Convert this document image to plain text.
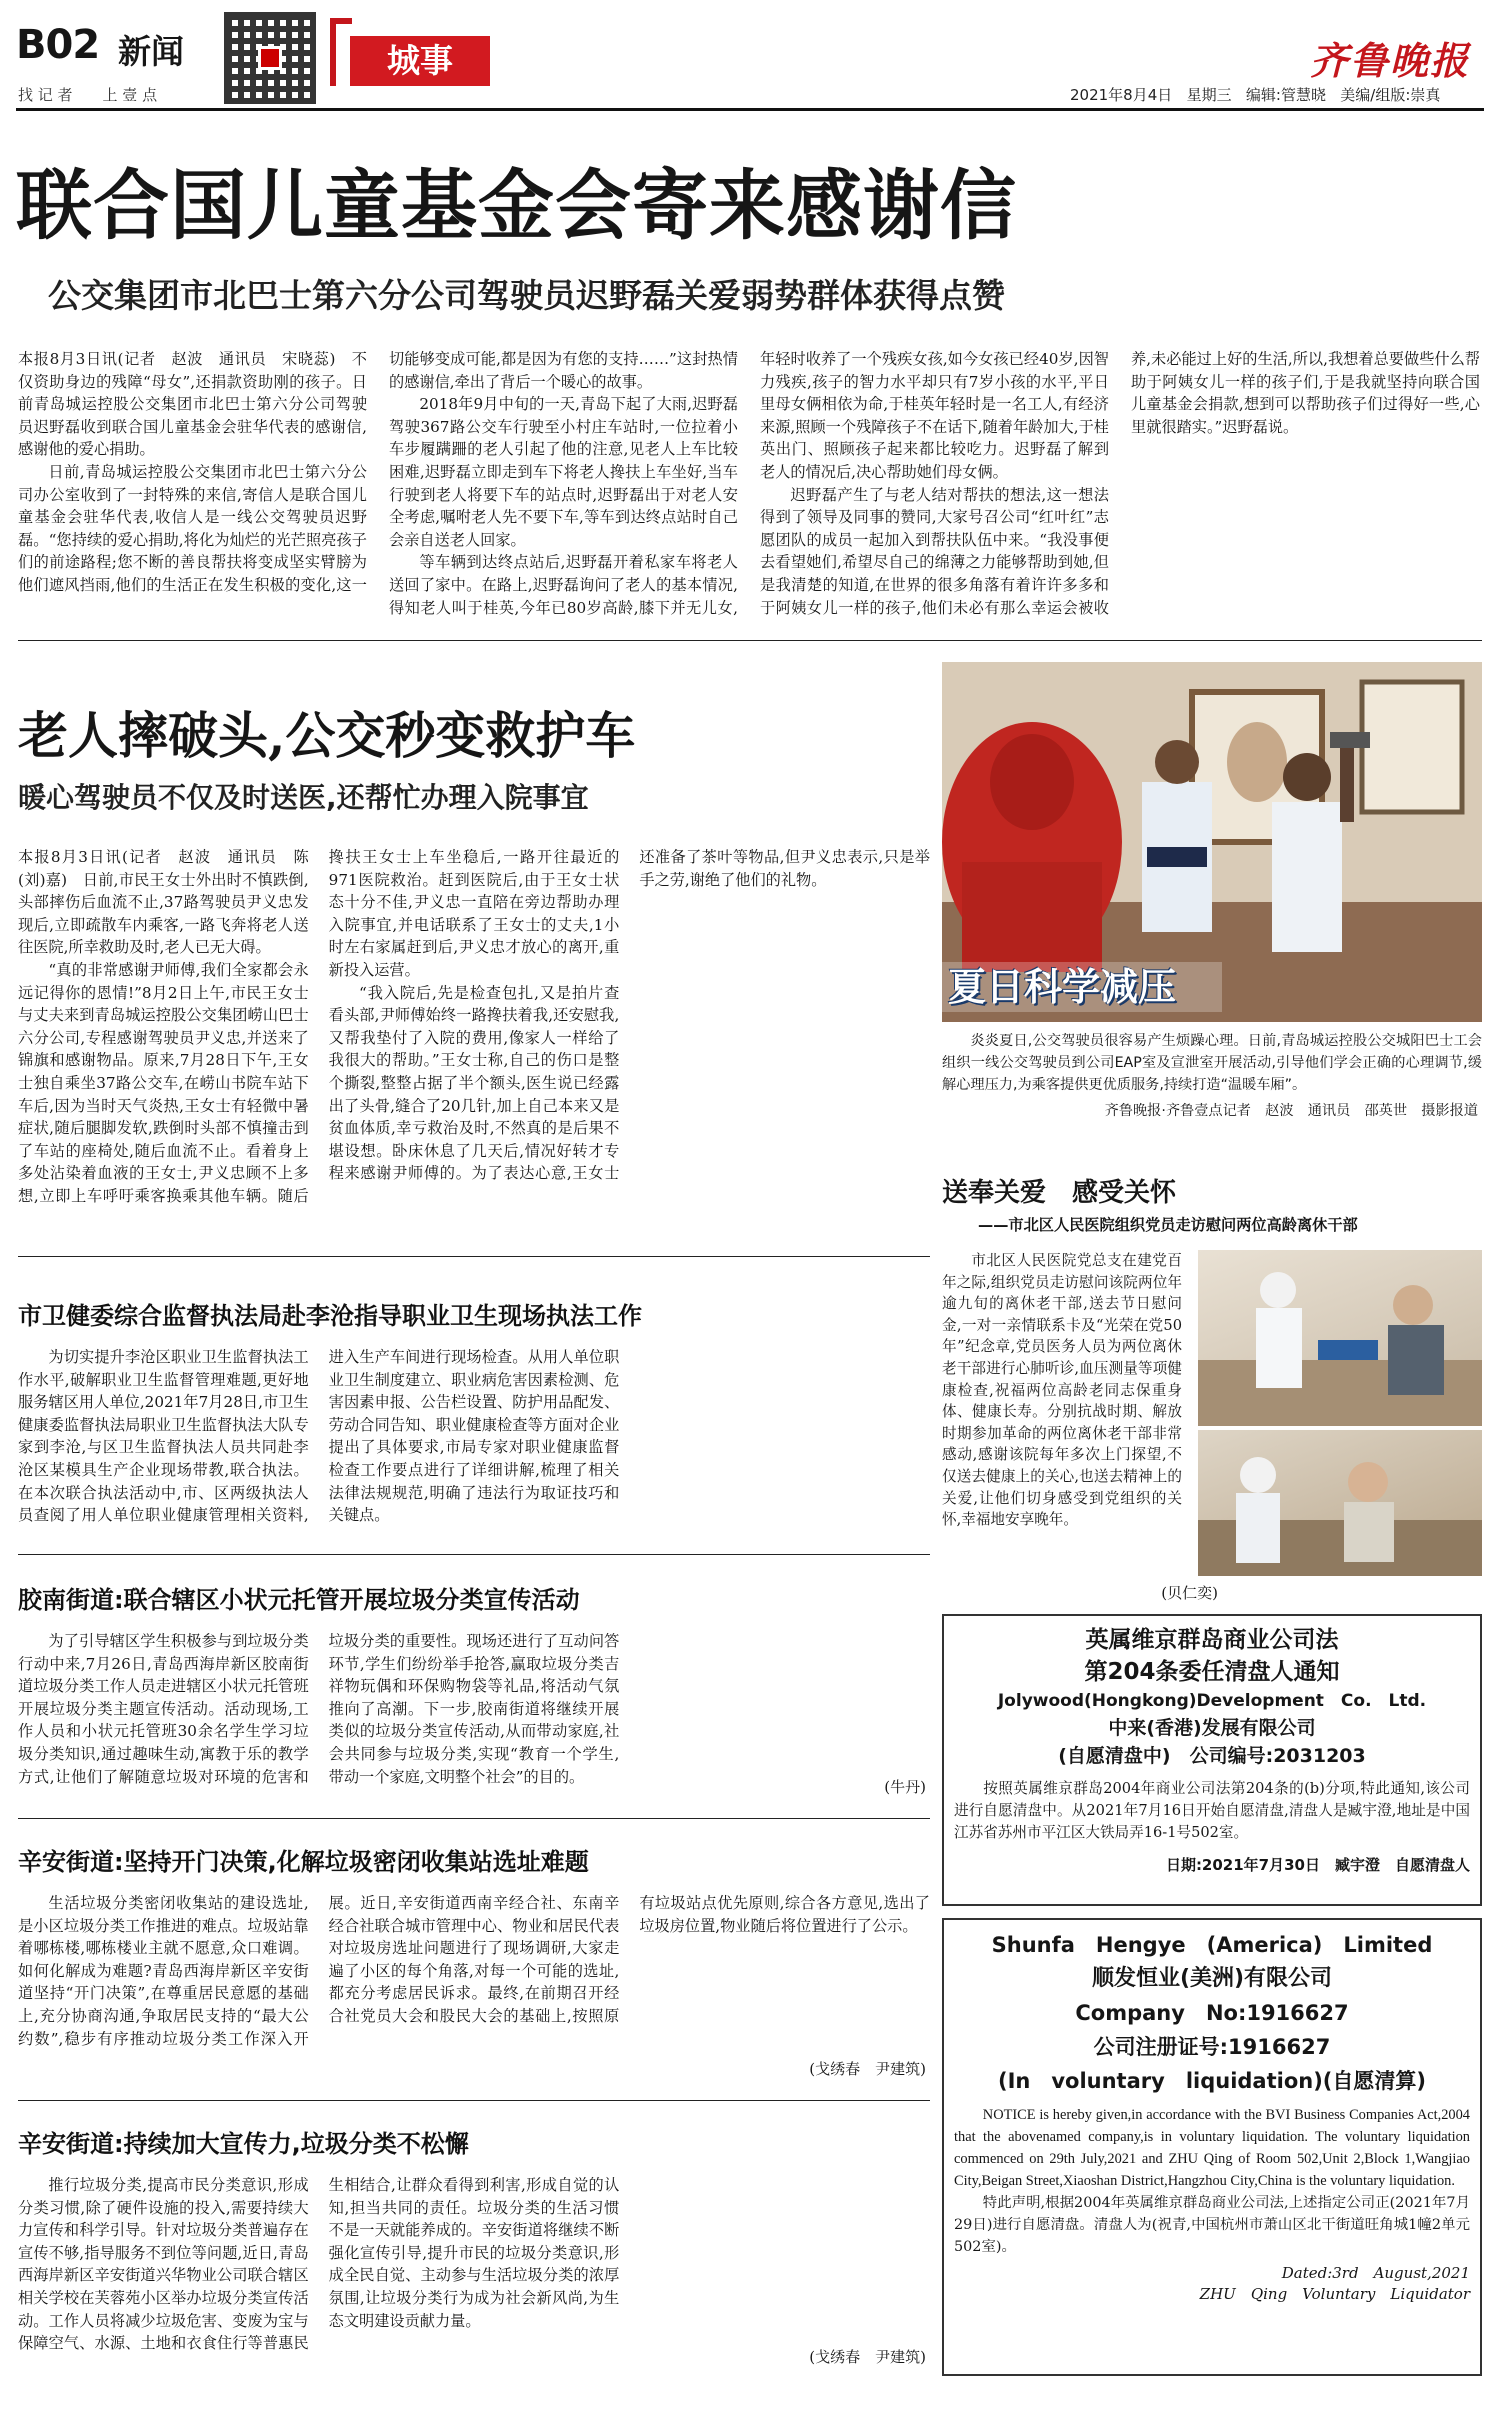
B02 新闻
找 记 者　　上 壹 点
城事	齐鲁晚报
2021年8月4日 星期三 编辑:管慧晓 美编/组版:崇真
联合国儿童基金会寄来感谢信
公交集团市北巴士第六分公司驾驶员迟野磊关爱弱势群体获得点赞

本报8月3日讯(记者　赵波　通讯员　宋晓蕊)　不仅资助身边的残障“母女”,还捐款资助刚的孩子。日前青岛城运控股公交集团市北巴士第六分公司驾驶员迟野磊收到联合国儿童基金会驻华代表的感谢信,感谢他的爱心捐助。

日前,青岛城运控股公交集团市北巴士第六分公司办公室收到了一封特殊的来信,寄信人是联合国儿童基金会驻华代表,收信人是一线公交驾驶员迟野磊。“您持续的爱心捐助,将化为灿烂的光芒照亮孩子们的前途路程;您不断的善良帮扶将变成坚实臂膀为他们遮风挡雨,他们的生活正在发生积极的变化,这一切能够变成可能,都是因为有您的支持……”这封热情的感谢信,牵出了背后一个暖心的故事。

2018年9月中旬的一天,青岛下起了大雨,迟野磊驾驶367路公交车行驶至小村庄车站时,一位拉着小车步履蹒跚的老人引起了他的注意,见老人上车比较困难,迟野磊立即走到车下将老人搀扶上车坐好,当车行驶到老人将要下车的站点时,迟野磊出于对老人安全考虑,嘱咐老人先不要下车,等车到达终点站时自己会亲自送老人回家。

等车辆到达终点站后,迟野磊开着私家车将老人送回了家中。在路上,迟野磊询问了老人的基本情况,得知老人叫于桂英,今年已80岁高龄,膝下并无儿女,年轻时收养了一个残疾女孩,如今女孩已经40岁,因智力残疾,孩子的智力水平却只有7岁小孩的水平,平日里母女俩相依为命,于桂英年轻时是一名工人,有经济来源,照顾一个残障孩子不在话下,随着年龄加大,于桂英出门、照顾孩子起来都比较吃力。迟野磊了解到老人的情况后,决心帮助她们母女俩。

迟野磊产生了与老人结对帮扶的想法,这一想法得到了领导及同事的赞同,大家号召公司“红叶红”志愿团队的成员一起加入到帮扶队伍中来。“我没事便去看望她们,希望尽自己的绵薄之力能够帮助到她,但是我清楚的知道,在世界的很多角落有着许许多多和于阿姨女儿一样的孩子,他们未必有那么幸运会被收养,未必能过上好的生活,所以,我想着总要做些什么帮助于阿姨女儿一样的孩子们,于是我就坚持向联合国儿童基金会捐款,想到可以帮助孩子们过得好一些,心里就很踏实。”迟野磊说。

老人摔破头,公交秒变救护车
暖心驾驶员不仅及时送医,还帮忙办理入院事宜

本报8月3日讯(记者　赵波　通讯员　陈(刘)嘉)　日前,市民王女士外出时不慎跌倒,头部摔伤后血流不止,37路驾驶员尹义忠发现后,立即疏散车内乘客,一路飞奔将老人送往医院,所幸救助及时,老人已无大碍。

“真的非常感谢尹师傅,我们全家都会永远记得你的恩情!”8月2日上午,市民王女士与丈夫来到青岛城运控股公交集团崂山巴士六分公司,专程感谢驾驶员尹义忠,并送来了锦旗和感谢物品。原来,7月28日下午,王女士独自乘坐37路公交车,在崂山书院车站下车后,因为当时天气炎热,王女士有轻微中暑症状,随后腿脚发软,跌倒时头部不慎撞击到了车站的座椅处,随后血流不止。看着身上多处沾染着血液的王女士,尹义忠顾不上多想,立即上车呼吁乘客换乘其他车辆。随后搀扶王女士上车坐稳后,一路开往最近的971医院救治。赶到医院后,由于王女士状态十分不佳,尹义忠一直陪在旁边帮助办理入院事宜,并电话联系了王女士的丈夫,1小时左右家属赶到后,尹义忠才放心的离开,重新投入运营。

“我入院后,先是检查包扎,又是拍片查看头部,尹师傅始终一路搀扶着我,还安慰我,又帮我垫付了入院的费用,像家人一样给了我很大的帮助。”王女士称,自己的伤口是整个撕裂,整整占据了半个额头,医生说已经露出了头骨,缝合了20几针,加上自己本来又是贫血体质,幸亏救治及时,不然真的是后果不堪设想。卧床休息了几天后,情况好转才专程来感谢尹师傅的。为了表达心意,王女士还准备了茶叶等物品,但尹义忠表示,只是举手之劳,谢绝了他们的礼物。

夏日科学减压

炎炎夏日,公交驾驶员很容易产生烦躁心理。日前,青岛城运控股公交城阳巴士工会组织一线公交驾驶员到公司EAP室及宣泄室开展活动,引导他们学会正确的心理调节,缓解心理压力,为乘客提供更优质服务,持续打造“温暖车厢”。

齐鲁晚报·齐鲁壹点记者　赵波　通讯员　邵英世　摄影报道
送奉关爱　感受关怀
——市北区人民医院组织党员走访慰问两位高龄离休干部

市北区人民医院党总支在建党百年之际,组织党员走访慰问该院两位年逾九旬的离休老干部,送去节日慰问金,一对一亲情联系卡及“光荣在党50年”纪念章,党员医务人员为两位离休老干部进行心肺听诊,血压测量等项健康检查,祝福两位高龄老同志保重身体、健康长寿。分别抗战时期、解放时期参加革命的两位离休老干部非常感动,感谢该院每年多次上门探望,不仅送去健康上的关心,也送去精神上的关爱,让他们切身感受到党组织的关怀,幸福地安享晚年。

(贝仁奕)
市卫健委综合监督执法局赴李沧指导职业卫生现场执法工作

为切实提升李沧区职业卫生监督执法工作水平,破解职业卫生监督管理难题,更好地服务辖区用人单位,2021年7月28日,市卫生健康委监督执法局职业卫生监督执法大队专家到李沧,与区卫生监督执法人员共同赴李沧区某模具生产企业现场带教,联合执法。在本次联合执法活动中,市、区两级执法人员查阅了用人单位职业健康管理相关资料,进入生产车间进行现场检查。从用人单位职业卫生制度建立、职业病危害因素检测、危害因素申报、公告栏设置、防护用品配发、劳动合同告知、职业健康检查等方面对企业提出了具体要求,市局专家对职业健康监督检查工作要点进行了详细讲解,梳理了相关法律法规规范,明确了违法行为取证技巧和关键点。

胶南街道:联合辖区小状元托管开展垃圾分类宣传活动

为了引导辖区学生积极参与到垃圾分类行动中来,7月26日,青岛西海岸新区胶南街道垃圾分类工作人员走进辖区小状元托管班开展垃圾分类主题宣传活动。活动现场,工作人员和小状元托管班30余名学生学习垃圾分类知识,通过趣味生动,寓教于乐的教学方式,让他们了解随意垃圾对环境的危害和垃圾分类的重要性。现场还进行了互动问答环节,学生们纷纷举手抢答,赢取垃圾分类吉祥物玩偶和环保购物袋等礼品,将活动气氛推向了高潮。下一步,胶南街道将继续开展类似的垃圾分类宣传活动,从而带动家庭,社会共同参与垃圾分类,实现“教育一个学生,带动一个家庭,文明整个社会”的目的。

(牛丹)
辛安街道:坚持开门决策,化解垃圾密闭收集站选址难题

生活垃圾分类密闭收集站的建设选址,是小区垃圾分类工作推进的难点。垃圾站靠着哪栋楼,哪栋楼业主就不愿意,众口难调。如何化解成为难题?青岛西海岸新区辛安街道坚持“开门决策”,在尊重居民意愿的基础上,充分协商沟通,争取居民支持的“最大公约数”,稳步有序推动垃圾分类工作深入开展。近日,辛安街道西南辛经合社、东南辛经合社联合城市管理中心、物业和居民代表对垃圾房选址问题进行了现场调研,大家走遍了小区的每个角落,对每一个可能的选址,都充分考虑居民诉求。最终,在前期召开经合社党员大会和股民大会的基础上,按照原有垃圾站点优先原则,综合各方意见,选出了垃圾房位置,物业随后将位置进行了公示。

(戈绣春　尹建筑)
辛安街道:持续加大宣传力,垃圾分类不松懈

推行垃圾分类,提高市民分类意识,形成分类习惯,除了硬件设施的投入,需要持续大力宣传和科学引导。针对垃圾分类普遍存在宣传不够,指导服务不到位等问题,近日,青岛西海岸新区辛安街道兴华物业公司联合辖区相关学校在芙蓉苑小区举办垃圾分类宣传活动。工作人员将减少垃圾危害、变废为宝与保障空气、水源、土地和衣食住行等普惠民生相结合,让群众看得到利害,形成自觉的认知,担当共同的责任。垃圾分类的生活习惯不是一天就能养成的。辛安街道将继续不断强化宣传引导,提升市民的垃圾分类意识,形成全民自觉、主动参与生活垃圾分类的浓厚氛围,让垃圾分类行为成为社会新风尚,为生态文明建设贡献力量。

(戈绣春　尹建筑)
英属维京群岛商业公司法
第204条委任清盘人通知
Jolywood(Hongkong)Development　Co.　Ltd.
中来(香港)发展有限公司
(自愿清盘中)　公司编号:2031203

按照英属维京群岛2004年商业公司法第204条的(b)分项,特此通知,该公司进行自愿清盘中。从2021年7月16日开始自愿清盘,清盘人是臧宇澄,地址是中国江苏省苏州市平江区大铁局弄16-1号502室。

日期:2021年7月30日　臧宇澄　自愿清盘人
Shunfa　Hengye　(America)　Limited
顺发恒业(美洲)有限公司
Company　No:1916627
公司注册证号:1916627
(In　voluntary　liquidation)(自愿清算)

NOTICE is hereby given,in accordance with the BVI Business Companies Act,2004 that the abovenamed company,is in voluntary liquidation. The voluntary liquidation commenced on 29th July,2021 and ZHU Qing of Room 502,Unit 2,Block 1,Wangjiao City,Beigan Street,Xiaoshan District,Hangzhou City,China is the voluntary liquidation.

特此声明,根据2004年英属维京群岛商业公司法,上述指定公司正(2021年7月29日)进行自愿清盘。清盘人为(祝青,中国杭州市萧山区北干街道旺角城1幢2单元502室)。

Dated:3rd　August,2021
ZHU　Qing　Voluntary　Liquidator
